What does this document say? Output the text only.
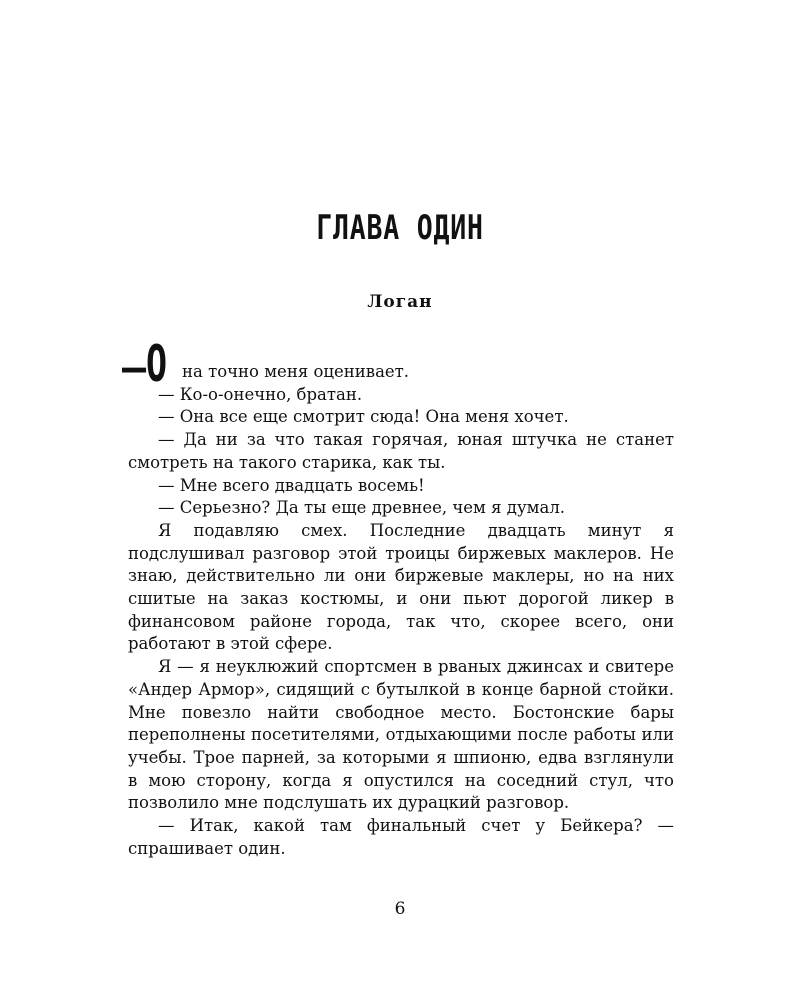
ГЛАВА ОДИН
Логан
–О на точно меня оценивает.

— Ко-о-онечно, братан.

— Она все еще смотрит сюда! Она меня хочет.

— Да ни за что такая горячая, юная штучка не станет смотреть на такого старика, как ты.

— Мне всего двадцать восемь!

— Серьезно? Да ты еще древнее, чем я думал.

Я подавляю смех. Последние двадцать минут я подслушивал разговор этой троицы биржевых маклеров. Не знаю, действительно ли они биржевые маклеры, но на них сшитые на заказ костюмы, и они пьют дорогой ликер в финансовом районе города, так что, скорее всего, они работают в этой сфере.

Я — я неуклюжий спортсмен в рваных джинсах и свитере «Андер Армор», сидящий с бутылкой в конце барной стойки. Мне повезло найти свободное место. Бостонские бары переполнены посетителями, отдыхающими после работы или учебы. Трое парней, за которыми я шпионю, едва взглянули в мою сторону, когда я опустился на соседний стул, что позволило мне подслушать их дурацкий разговор.

— Итак, какой там финальный счет у Бейкера? — спрашивает один.

6
